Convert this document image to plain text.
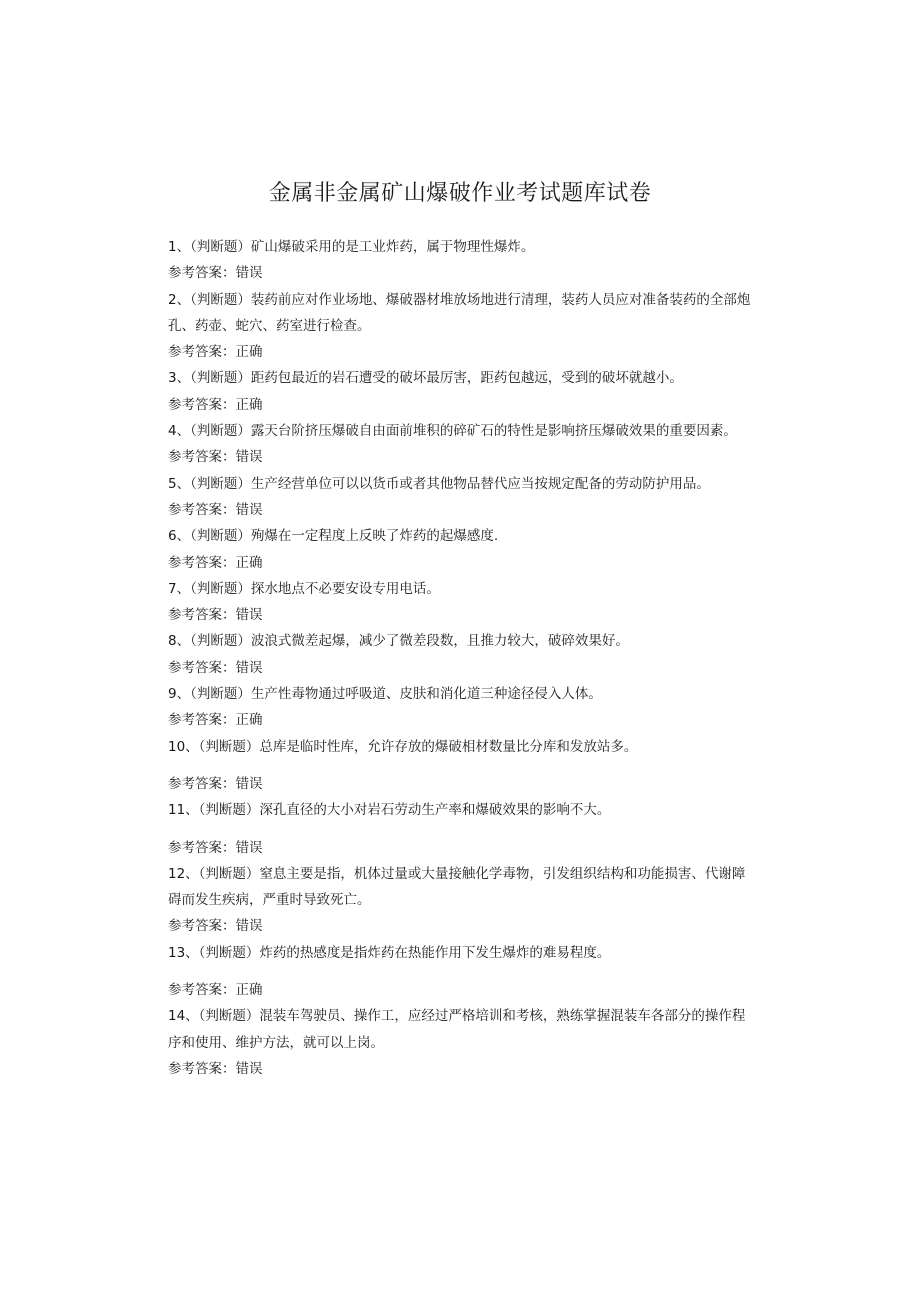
金属非金属矿山爆破作业考试题库试卷

1、（判断题）矿山爆破采用的是工业炸药，属于物理性爆炸。

参考答案：错误

2、（判断题）装药前应对作业场地、爆破器材堆放场地进行清理，装药人员应对准备装药的全部炮孔、药壶、蛇穴、药室进行检查。

参考答案：正确

3、（判断题）距药包最近的岩石遭受的破坏最厉害，距药包越远，受到的破坏就越小。

参考答案：正确

4、（判断题）露天台阶挤压爆破自由面前堆积的碎矿石的特性是影响挤压爆破效果的重要因素。

参考答案：错误

5、（判断题）生产经营单位可以以货币或者其他物品替代应当按规定配备的劳动防护用品。

参考答案：错误

6、（判断题）殉爆在一定程度上反映了炸药的起爆感度.

参考答案：正确

7、（判断题）探水地点不必要安设专用电话。

参考答案：错误

8、（判断题）波浪式微差起爆，减少了微差段数，且推力较大，破碎效果好。

参考答案：错误

9、（判断题）生产性毒物通过呼吸道、皮肤和消化道三种途径侵入人体。

参考答案：正确

10、（判断题）总库是临时性库，允许存放的爆破相材数量比分库和发放站多。

参考答案：错误

11、（判断题）深孔直径的大小对岩石劳动生产率和爆破效果的影响不大。

参考答案：错误

12、（判断题）窒息主要是指，机体过量或大量接触化学毒物，引发组织结构和功能损害、代谢障碍而发生疾病，严重时导致死亡。

参考答案：错误

13、（判断题）炸药的热感度是指炸药在热能作用下发生爆炸的难易程度。

参考答案：正确

14、（判断题）混装车驾驶员、操作工，应经过严格培训和考核，熟练掌握混装车各部分的操作程序和使用、维护方法，就可以上岗。

参考答案：错误
